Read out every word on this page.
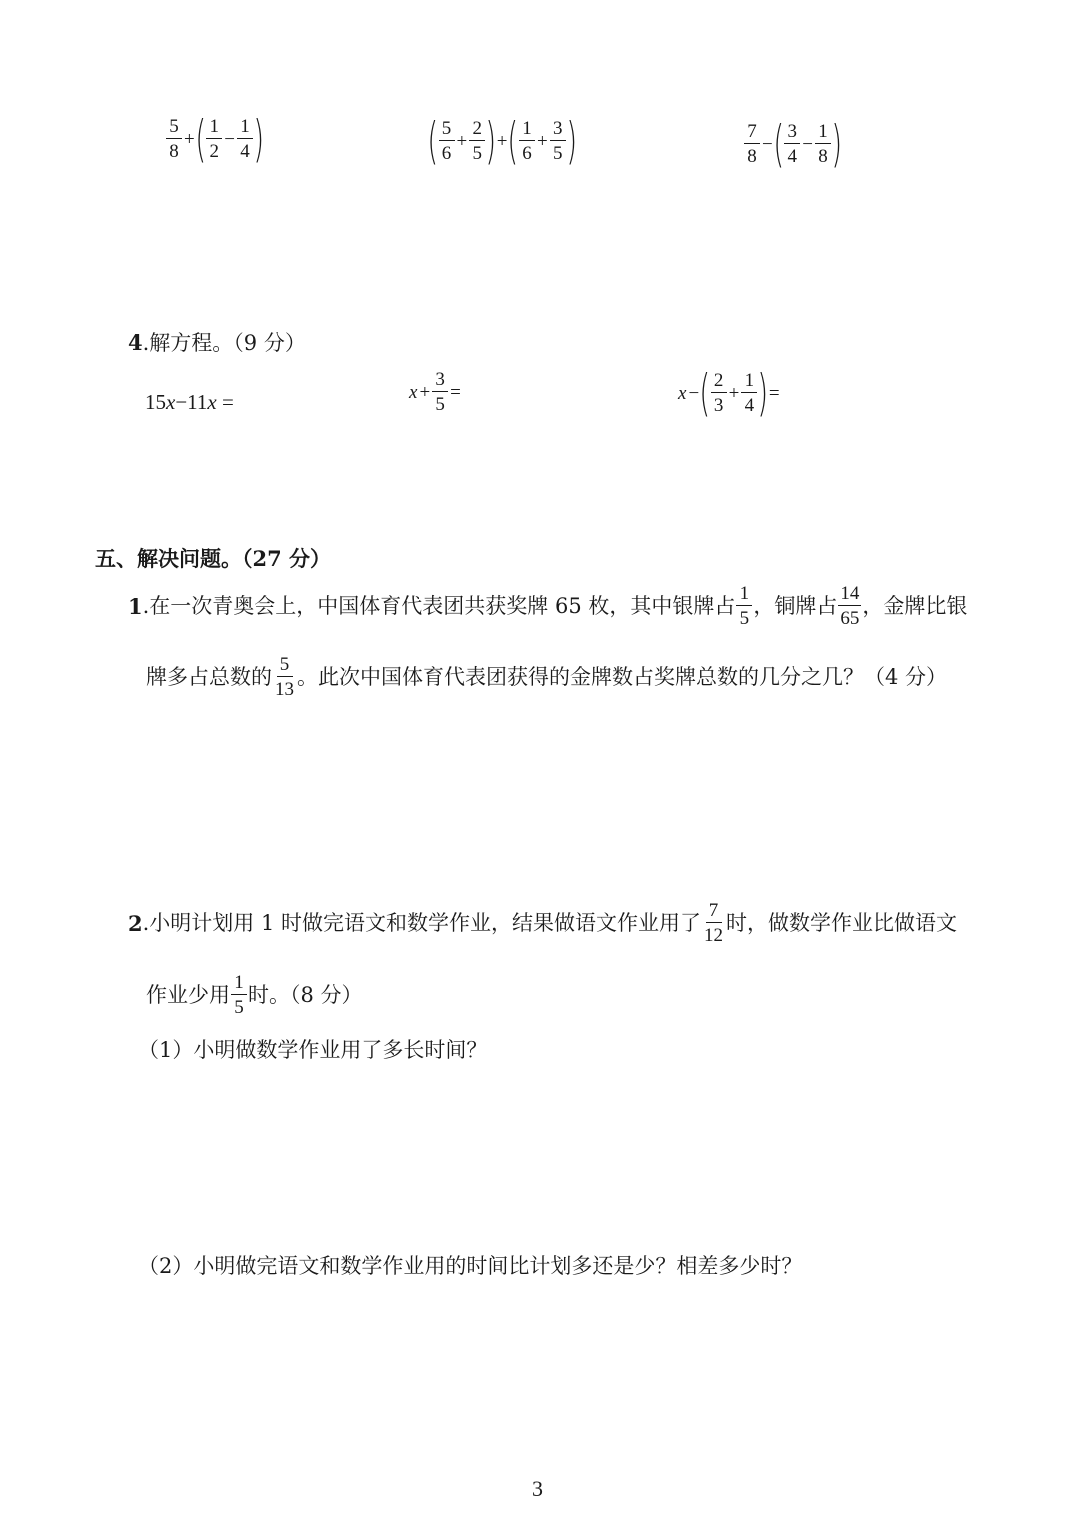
$\frac{5}{8}$ +( $\frac{1}{2} - \frac{1}{4}$ )	( $\frac{5}{6} + \frac{2}{5}$ )+( $\frac{1}{6} + \frac{3}{5}$ )	$\frac{7}{8}$ −( $\frac{3}{4} - \frac{1}{8}$ )
4.解方程。（9 分）
15x−11x =	$x + \frac{3}{5}$ =	x −( $\frac{2}{3} + \frac{1}{4}$ )=
五、解决问题。（27 分）
1.在一次青奥会上，中国体育代表团共获奖牌 65 枚，其中银牌占 $\frac{1}{5}$ ，铜牌占 $\frac{14}{65}$ ，金牌比银
牌多占总数的 $\frac{5}{13}$ 。此次中国体育代表团获得的金牌数占奖牌总数的几分之几？（4 分）
2.小明计划用 1 时做完语文和数学作业，结果做语文作业用了 $\frac{7}{12}$ 时，做数学作业比做语文
作业少用 $\frac{1}{5}$ 时。（8 分）
（1）小明做数学作业用了多长时间？
（2）小明做完语文和数学作业用的时间比计划多还是少？相差多少时？
3
